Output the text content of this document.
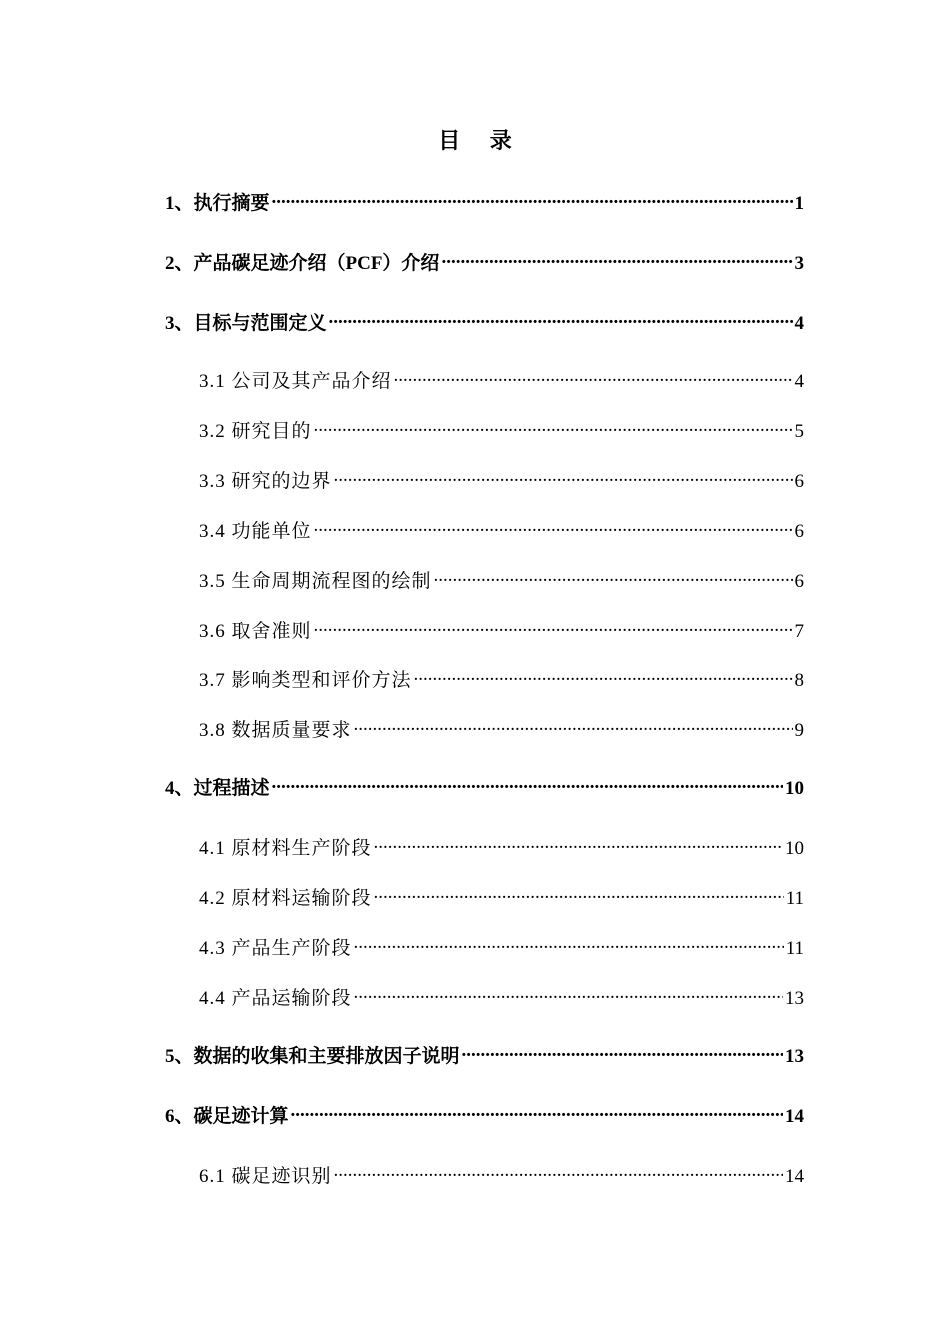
目 录
1、执行摘要 .....	1
2、产品碳足迹介绍（PCF）介绍 .....	3
3、目标与范围定义 .....	4
3.1 公司及其产品介绍 .....	4
3.2 研究目的 .....	5
3.3 研究的边界 .....	6
3.4 功能单位 .....	6
3.5 生命周期流程图的绘制 .....	6
3.6 取舍准则 .....	7
3.7 影响类型和评价方法 .....	8
3.8 数据质量要求 .....	9
4、过程描述 .....	10
4.1 原材料生产阶段 .....	10
4.2 原材料运输阶段 .....	11
4.3 产品生产阶段 .....	11
4.4 产品运输阶段 .....	13
5、数据的收集和主要排放因子说明 .....	13
6、碳足迹计算 .....	14
6.1 碳足迹识别 .....	14
